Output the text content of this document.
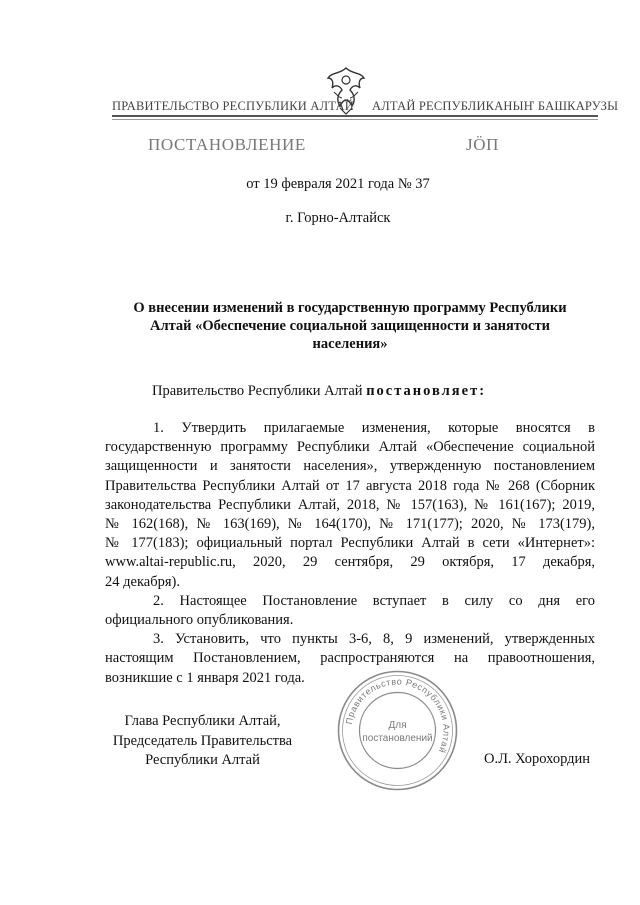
ПРАВИТЕЛЬСТВО РЕСПУБЛИКИ АЛТАЙ АЛТАЙ РЕСПУБЛИКАНЫҤ БАШКАРУЗЫ
ПОСТАНОВЛЕНИЕ	ЈӦП
от 19 февраля 2021 года № 37
г. Горно-Алтайск
О внесении изменений в государственную программу Республики
Алтай «Обеспечение социальной защищенности и занятости
населения»
Правительство Республики Алтай постановляет:
1. Утвердить прилагаемые изменения, которые вносятся в
государственную программу Республики Алтай «Обеспечение социальной
защищенности и занятости населения», утвержденную постановлением
Правительства Республики Алтай от 17 августа 2018 года № 268 (Сборник
законодательства Республики Алтай, 2018, № 157(163), № 161(167); 2019,
№ 162(168), № 163(169), № 164(170), № 171(177); 2020, № 173(179),
№ 177(183); официальный портал Республики Алтай в сети «Интернет»:
www.altai-republic.ru, 2020, 29 сентября, 29 октября, 17 декабря,
24 декабря).
2. Настоящее Постановление вступает в силу со дня его
официального опубликования.
3. Установить, что пункты 3-6, 8, 9 изменений, утвержденных
настоящим Постановлением, распространяются на правоотношения,
возникшие с 1 января 2021 года.
Глава Республики Алтай,
Председатель Правительства
Республики Алтай
Правительство Республики Алтай
Для
постановлений
О.Л. Хорохордин
